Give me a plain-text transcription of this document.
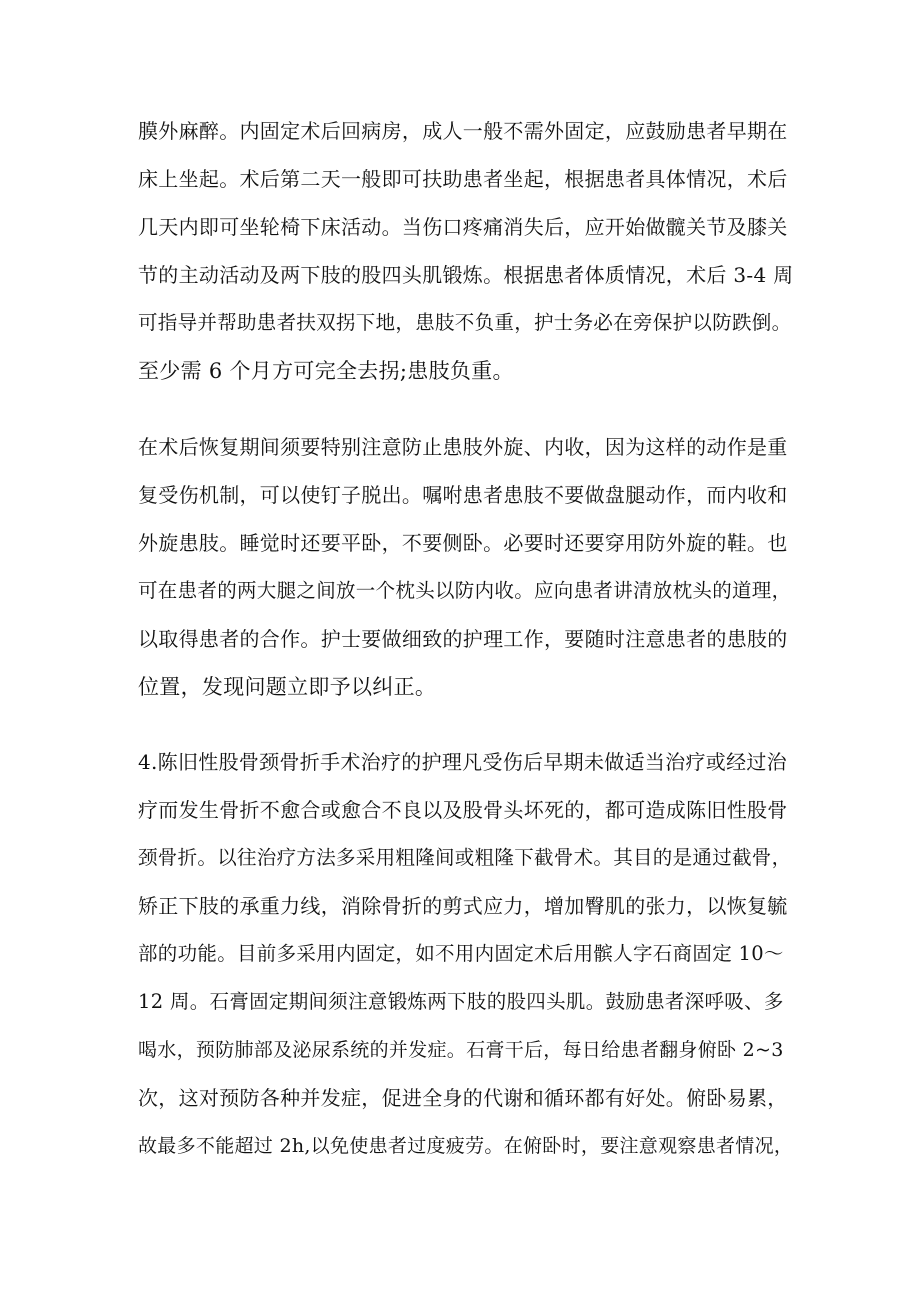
膜外麻醉。内固定术后回病房，成人一般不需外固定，应鼓励患者早期在
床上坐起。术后第二天一般即可扶助患者坐起，根据患者具体情况，术后
几天内即可坐轮椅下床活动。当伤口疼痛消失后，应开始做髋关节及膝关
节的主动活动及两下肢的股四头肌锻炼。根据患者体质情况，术后 3-4 周
可指导并帮助患者扶双拐下地，患肢不负重，护士务必在旁保护以防跌倒。
至少需 6 个月方可完全去拐;患肢负重。
在术后恢复期间须要特别注意防止患肢外旋、内收，因为这样的动作是重
复受伤机制，可以使钉子脱出。嘱咐患者患肢不要做盘腿动作，而内收和
外旋患肢。睡觉时还要平卧，不要侧卧。必要时还要穿用防外旋的鞋。也
可在患者的两大腿之间放一个枕头以防内收。应向患者讲清放枕头的道理，
以取得患者的合作。护士要做细致的护理工作，要随时注意患者的患肢的
位置，发现问题立即予以纠正。
4.陈旧性股骨颈骨折手术治疗的护理凡受伤后早期未做适当治疗或经过治
疗而发生骨折不愈合或愈合不良以及股骨头坏死的，都可造成陈旧性股骨
颈骨折。以往治疗方法多采用粗隆间或粗隆下截骨术。其目的是通过截骨，
矫正下肢的承重力线，消除骨折的剪式应力，增加臀肌的张力，以恢复毓
部的功能。目前多采用内固定，如不用内固定术后用髌人字石商固定 10～
12 周。石膏固定期间须注意锻炼两下肢的股四头肌。鼓励患者深呼吸、多
喝水，预防肺部及泌尿系统的并发症。石膏干后，每日给患者翻身俯卧 2~3
次，这对预防各种并发症，促进全身的代谢和循环都有好处。俯卧易累，
故最多不能超过 2h,以免使患者过度疲劳。在俯卧时，要注意观察患者情况，
